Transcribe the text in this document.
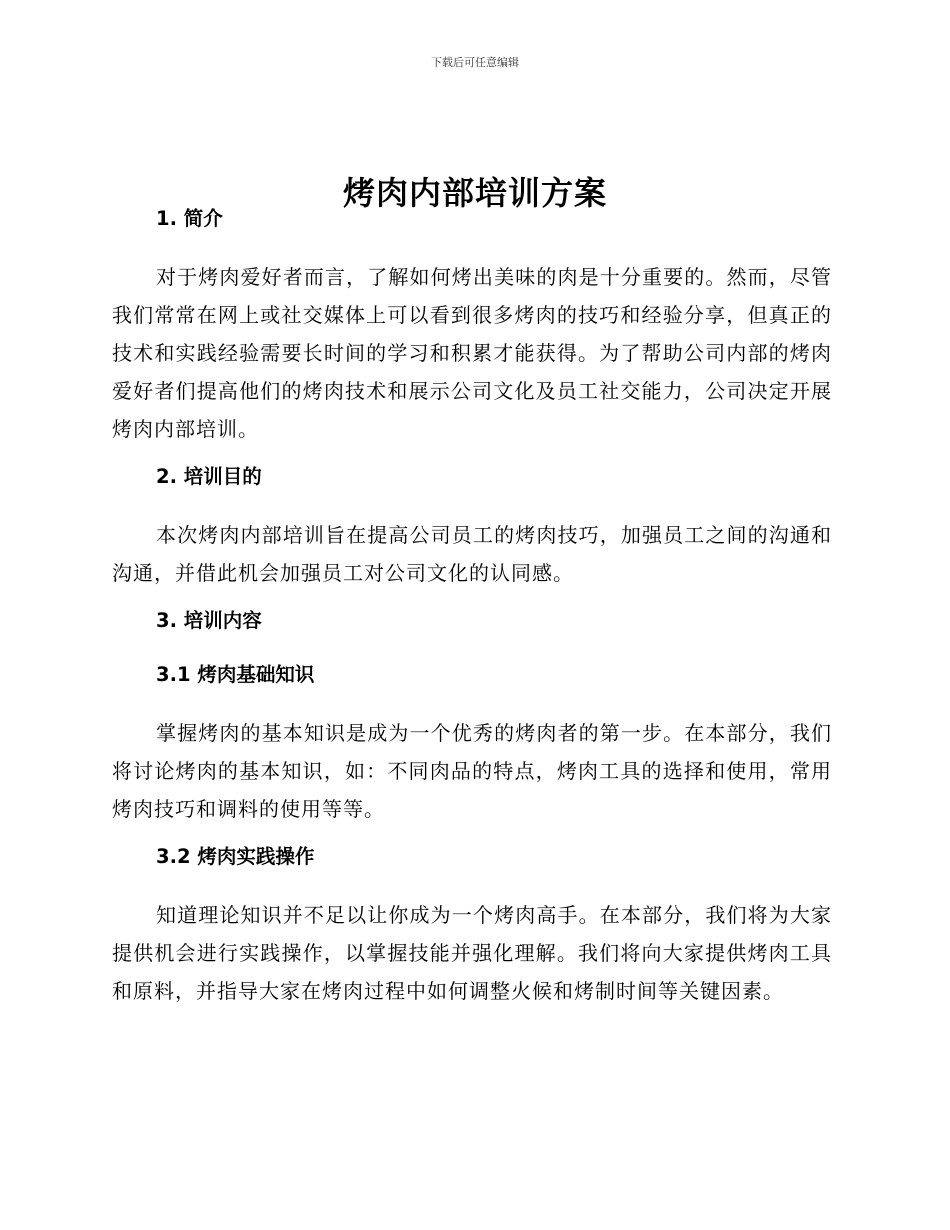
下载后可任意编辑
烤肉内部培训方案

1. 简介

对于烤肉爱好者而言，了解如何烤出美味的肉是十分重要的。然而，尽管我们常常在网上或社交媒体上可以看到很多烤肉的技巧和经验分享，但真正的技术和实践经验需要长时间的学习和积累才能获得。为了帮助公司内部的烤肉爱好者们提高他们的烤肉技术和展示公司文化及员工社交能力，公司决定开展烤肉内部培训。

2. 培训目的

本次烤肉内部培训旨在提高公司员工的烤肉技巧，加强员工之间的沟通和沟通，并借此机会加强员工对公司文化的认同感。

3. 培训内容

3.1 烤肉基础知识

掌握烤肉的基本知识是成为一个优秀的烤肉者的第一步。在本部分，我们将讨论烤肉的基本知识，如：不同肉品的特点，烤肉工具的选择和使用，常用烤肉技巧和调料的使用等等。

3.2 烤肉实践操作

知道理论知识并不足以让你成为一个烤肉高手。在本部分，我们将为大家提供机会进行实践操作，以掌握技能并强化理解。我们将向大家提供烤肉工具和原料，并指导大家在烤肉过程中如何调整火候和烤制时间等关键因素。
